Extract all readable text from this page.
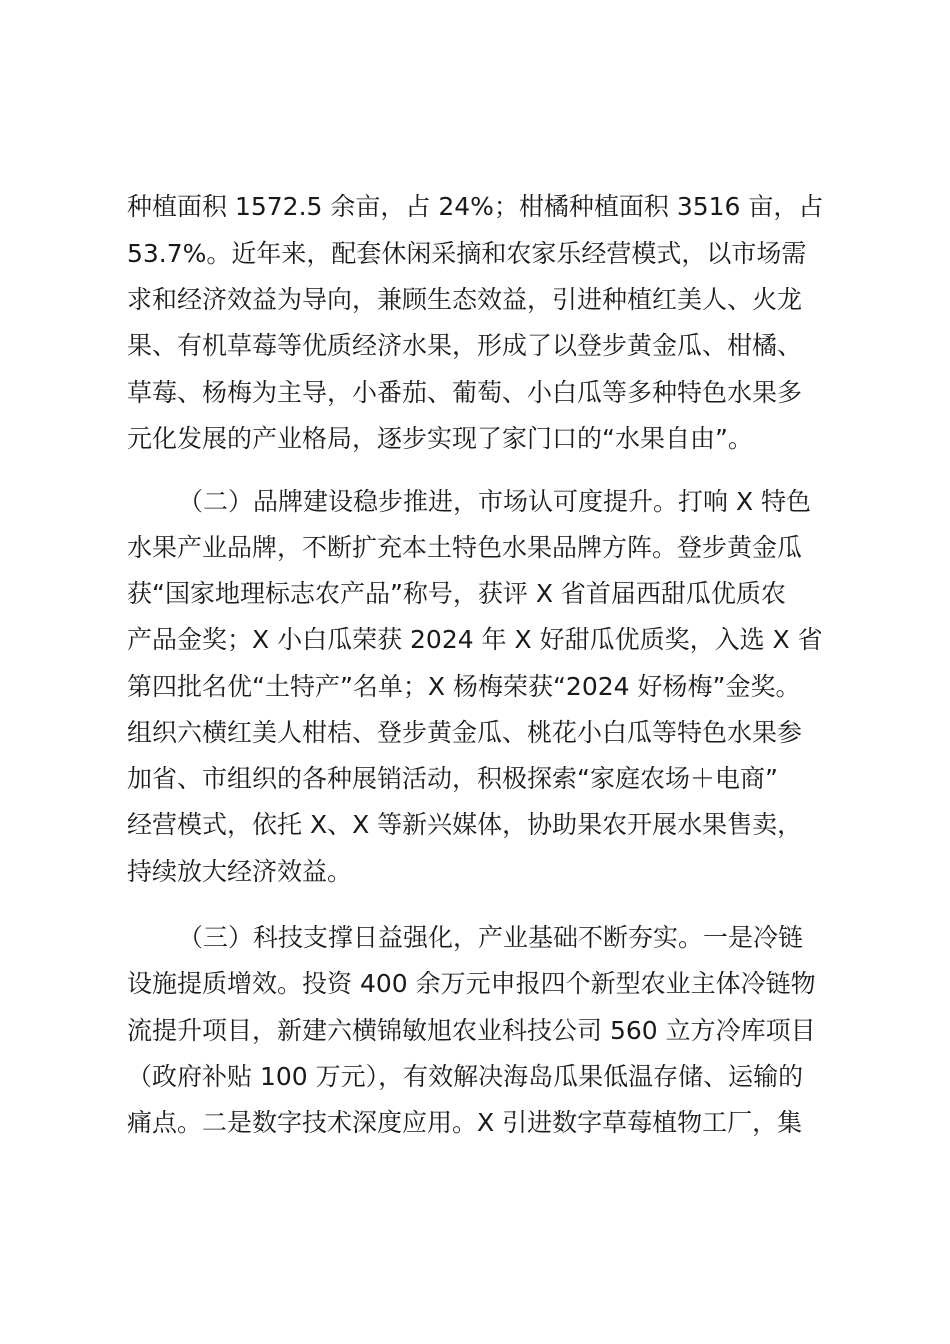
种植面积 1572.5 余亩，占 24%；柑橘种植面积 3516 亩，占
53.7%。近年来，配套休闲采摘和农家乐经营模式，以市场需
求和经济效益为导向，兼顾生态效益，引进种植红美人、火龙
果、有机草莓等优质经济水果，形成了以登步黄金瓜、柑橘、
草莓、杨梅为主导，小番茄、葡萄、小白瓜等多种特色水果多
元化发展的产业格局，逐步实现了家门口的“水果自由”。
（二）品牌建设稳步推进，市场认可度提升。打响 X 特色
水果产业品牌，不断扩充本土特色水果品牌方阵。登步黄金瓜
获“国家地理标志农产品”称号，获评 X 省首届西甜瓜优质农
产品金奖；X 小白瓜荣获 2024 年 X 好甜瓜优质奖，入选 X 省
第四批名优“土特产”名单；X 杨梅荣获“2024 好杨梅”金奖。
组织六横红美人柑桔、登步黄金瓜、桃花小白瓜等特色水果参
加省、市组织的各种展销活动，积极探索“家庭农场＋电商”
经营模式，依托 X、X 等新兴媒体，协助果农开展水果售卖，
持续放大经济效益。
（三）科技支撑日益强化，产业基础不断夯实。一是冷链
设施提质增效。投资 400 余万元申报四个新型农业主体冷链物
流提升项目，新建六横锦敏旭农业科技公司 560 立方冷库项目
（政府补贴 100 万元），有效解决海岛瓜果低温存储、运输的
痛点。二是数字技术深度应用。X 引进数字草莓植物工厂，集
